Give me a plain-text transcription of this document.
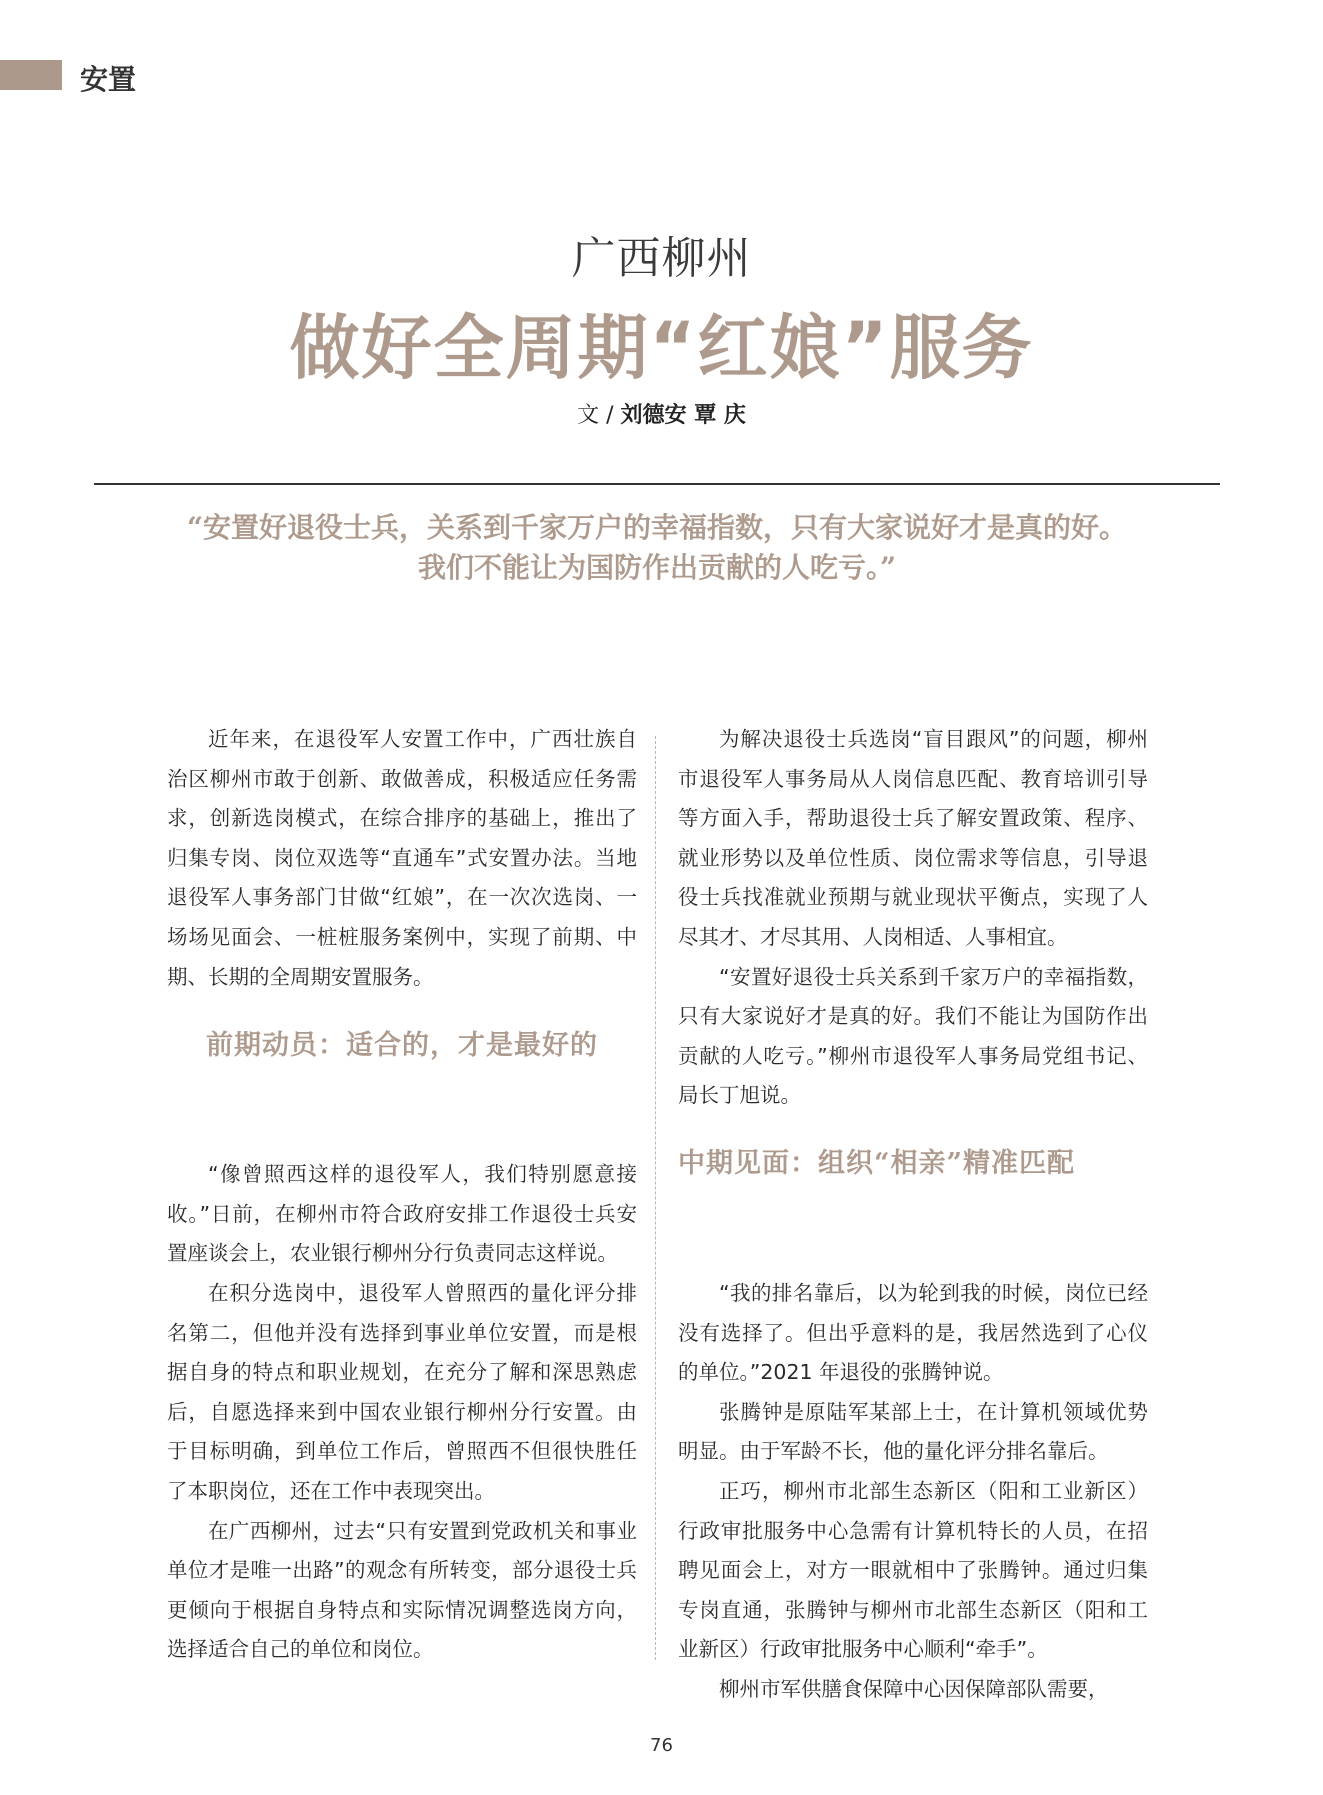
安置
广西柳州
做好全周期“红娘”服务
文 / 刘德安 覃 庆
“安置好退役士兵，关系到千家万户的幸福指数，只有大家说好才是真的好。
我们不能让为国防作出贡献的人吃亏。”

近年来，在退役军人安置工作中，广西壮族自治区柳州市敢于创新、敢做善成，积极适应任务需求，创新选岗模式，在综合排序的基础上，推出了归集专岗、岗位双选等“直通车”式安置办法。当地退役军人事务部门甘做“红娘”，在一次次选岗、一场场见面会、一桩桩服务案例中，实现了前期、中期、长期的全周期安置服务。

前期动员：适合的，才是最好的

“像曾照西这样的退役军人，我们特别愿意接收。”日前，在柳州市符合政府安排工作退役士兵安置座谈会上，农业银行柳州分行负责同志这样说。

在积分选岗中，退役军人曾照西的量化评分排名第二，但他并没有选择到事业单位安置，而是根据自身的特点和职业规划，在充分了解和深思熟虑后，自愿选择来到中国农业银行柳州分行安置。由于目标明确，到单位工作后，曾照西不但很快胜任了本职岗位，还在工作中表现突出。

在广西柳州，过去“只有安置到党政机关和事业单位才是唯一出路”的观念有所转变，部分退役士兵更倾向于根据自身特点和实际情况调整选岗方向，选择适合自己的单位和岗位。

为解决退役士兵选岗“盲目跟风”的问题，柳州市退役军人事务局从人岗信息匹配、教育培训引导等方面入手，帮助退役士兵了解安置政策、程序、就业形势以及单位性质、岗位需求等信息，引导退役士兵找准就业预期与就业现状平衡点，实现了人尽其才、才尽其用、人岗相适、人事相宜。

“安置好退役士兵关系到千家万户的幸福指数，只有大家说好才是真的好。我们不能让为国防作出贡献的人吃亏。”柳州市退役军人事务局党组书记、局长丁旭说。

中期见面：组织“相亲”精准匹配

“我的排名靠后，以为轮到我的时候，岗位已经没有选择了。但出乎意料的是，我居然选到了心仪的单位。”2021 年退役的张腾钟说。

张腾钟是原陆军某部上士，在计算机领域优势明显。由于军龄不长，他的量化评分排名靠后。

正巧，柳州市北部生态新区（阳和工业新区）行政审批服务中心急需有计算机特长的人员，在招聘见面会上，对方一眼就相中了张腾钟。通过归集专岗直通，张腾钟与柳州市北部生态新区（阳和工业新区）行政审批服务中心顺利“牵手”。

柳州市军供膳食保障中心因保障部队需要，

76
